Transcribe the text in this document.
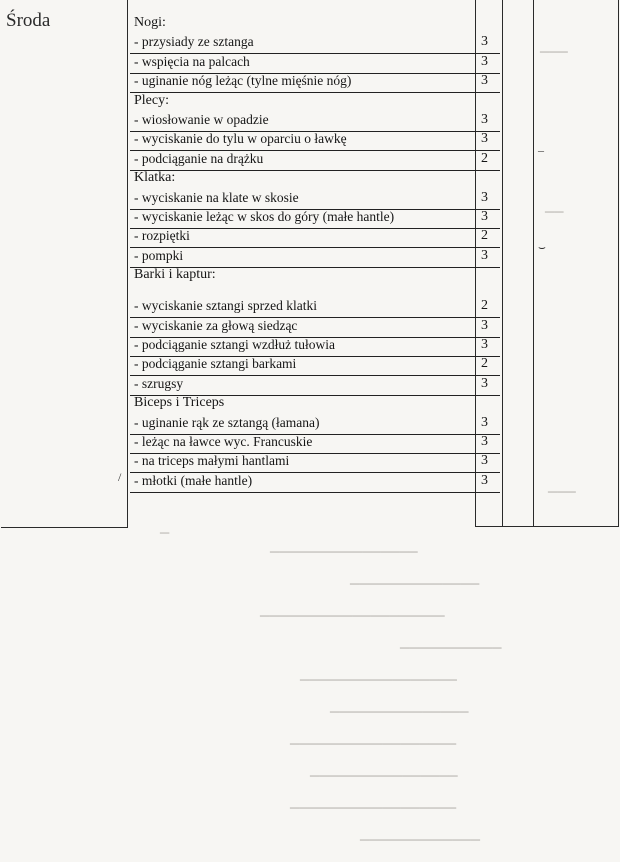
▁▁▁▁▁▁▁▁▁▁▁▁▁▁▁▁
▁▁▁▁▁▁▁▁▁▁▁▁▁▁
▁▁▁▁▁▁▁▁▁▁▁▁▁▁▁▁▁▁▁▁
▁▁▁▁▁▁▁▁▁▁▁
▁▁▁▁▁▁▁▁▁▁▁▁▁▁▁▁▁
▁▁▁▁▁▁▁▁▁▁▁▁▁▁▁
▁▁▁▁▁▁▁▁▁▁▁▁▁▁▁▁▁▁
▁▁▁▁▁▁▁▁▁▁▁▁▁▁▁▁
▁▁▁▁▁▁▁▁▁▁▁▁▁▁▁▁▁▁
▁▁▁▁▁▁▁▁▁▁▁▁▁
▁▁▁
▁▁
▁▁▁
▁
Środa	Nogi:
- przysiady ze sztanga	3
- wspięcia na palcach	3
- uginanie nóg leżąc (tylne mięśnie nóg)	3
Plecy:
- wiosłowanie w opadzie	3
- wyciskanie do tylu w oparciu o ławkę	3
- podciąganie na drążku	2
Klatka:
- wyciskanie na klate w skosie	3
- wyciskanie leżąc w skos do góry (małe hantle)	3
- rozpiętki	2
- pompki	3
Barki i kaptur:
- wyciskanie sztangi sprzed klatki	2
- wyciskanie za głową siedząc	3
- podciąganie sztangi wzdłuż tułowia	3
- podciąganie sztangi barkami	2
- szrugsy	3
Biceps i Triceps
- uginanie rąk ze sztangą (łamana)	3
- leżąc na ławce wyc. Francuskie	3
- na triceps małymi hantlami	3
- młotki (małe hantle)	3
–
⌣
/
